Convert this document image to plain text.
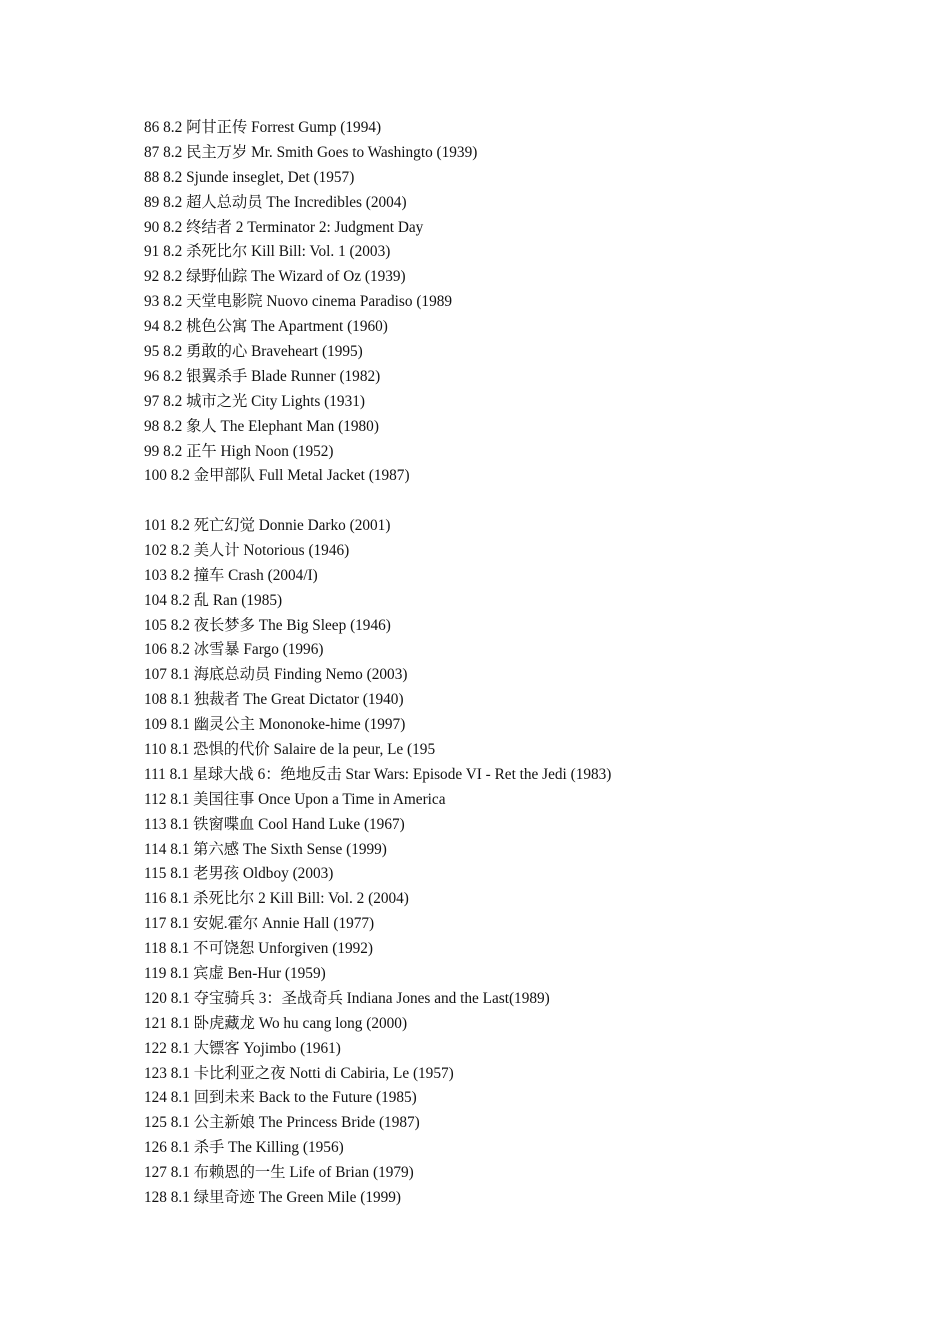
86 8.2 阿甘正传 Forrest Gump (1994)
87 8.2 民主万岁 Mr. Smith Goes to Washingto (1939)
88 8.2 Sjunde inseglet, Det (1957)
89 8.2 超人总动员 The Incredibles (2004)
90 8.2 终结者 2 Terminator 2: Judgment Day
91 8.2 杀死比尔 Kill Bill: Vol. 1 (2003)
92 8.2 绿野仙踪 The Wizard of Oz (1939)
93 8.2 天堂电影院 Nuovo cinema Paradiso (1989
94 8.2 桃色公寓 The Apartment (1960)
95 8.2 勇敢的心 Braveheart (1995)
96 8.2 银翼杀手 Blade Runner (1982)
97 8.2 城市之光 City Lights (1931)
98 8.2 象人 The Elephant Man (1980)
99 8.2 正午 High Noon (1952)
100 8.2 金甲部队 Full Metal Jacket (1987)
101 8.2 死亡幻觉 Donnie Darko (2001)
102 8.2 美人计 Notorious (1946)
103 8.2 撞车 Crash (2004/I)
104 8.2 乱 Ran (1985)
105 8.2 夜长梦多 The Big Sleep (1946)
106 8.2 冰雪暴 Fargo (1996)
107 8.1 海底总动员 Finding Nemo (2003)
108 8.1 独裁者 The Great Dictator (1940)
109 8.1 幽灵公主 Mononoke-hime (1997)
110 8.1 恐惧的代价 Salaire de la peur, Le (195
111 8.1 星球大战 6：绝地反击 Star Wars: Episode VI - Ret the Jedi (1983)
112 8.1 美国往事 Once Upon a Time in America
113 8.1 铁窗喋血 Cool Hand Luke (1967)
114 8.1 第六感 The Sixth Sense (1999)
115 8.1 老男孩 Oldboy (2003)
116 8.1 杀死比尔 2 Kill Bill: Vol. 2 (2004)
117 8.1 安妮.霍尔 Annie Hall (1977)
118 8.1 不可饶恕 Unforgiven (1992)
119 8.1 宾虚 Ben-Hur (1959)
120 8.1 夺宝骑兵 3：圣战奇兵 Indiana Jones and the Last(1989)
121 8.1 卧虎藏龙 Wo hu cang long (2000)
122 8.1 大镖客 Yojimbo (1961)
123 8.1 卡比利亚之夜 Notti di Cabiria, Le (1957)
124 8.1 回到未来 Back to the Future (1985)
125 8.1 公主新娘 The Princess Bride (1987)
126 8.1 杀手 The Killing (1956)
127 8.1 布赖恩的一生 Life of Brian (1979)
128 8.1 绿里奇迹 The Green Mile (1999)
